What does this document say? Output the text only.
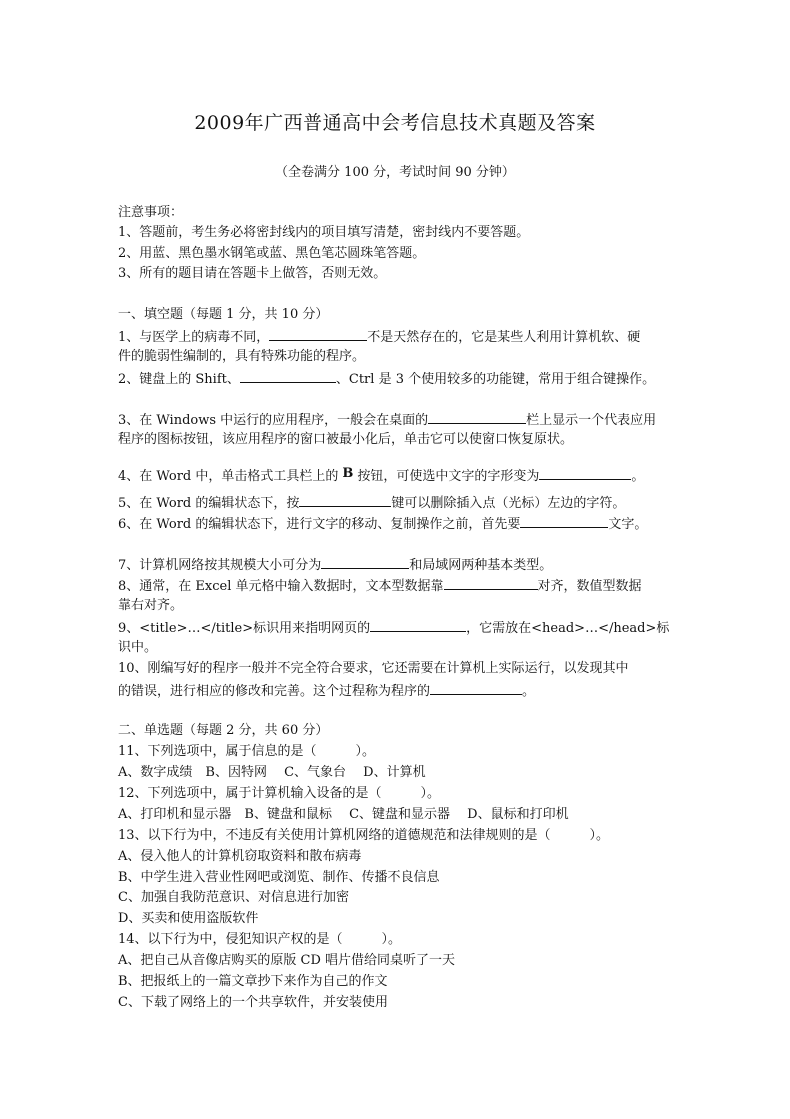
2009年广西普通高中会考信息技术真题及答案
（全卷满分 100 分，考试时间 90 分钟）
注意事项：
1、答题前，考生务必将密封线内的项目填写清楚，密封线内不要答题。
2、用蓝、黑色墨水钢笔或蓝、黑色笔芯圆珠笔答题。
3、所有的题目请在答题卡上做答，否则无效。
一、填空题（每题 1 分，共 10 分）
1、与医学上的病毒不同，	不是天然存在的，它是某些人利用计算机软、硬
件的脆弱性编制的，具有特殊功能的程序。
2、键盘上的 Shift、	、Ctrl 是 3 个使用较多的功能键，常用于组合键操作。
3、在 Windows 中运行的应用程序，一般会在桌面的	栏上显示一个代表应用
程序的图标按钮，该应用程序的窗口被最小化后，单击它可以使窗口恢复原状。
4、在 Word 中，单击格式工具栏上的 B 按钮，可使选中文字的字形变为	。
5、在 Word 的编辑状态下，按	键可以删除插入点（光标）左边的字符。
6、在 Word 的编辑状态下，进行文字的移动、复制操作之前，首先要	文字。
7、计算机网络按其规模大小可分为	和局域网两种基本类型。
8、通常，在 Excel 单元格中输入数据时，文本型数据靠	对齐，数值型数据
靠右对齐。
9、<title>…</title>标识用来指明网页的	，它需放在<head>…</head>标
识中。
10、刚编写好的程序一般并不完全符合要求，它还需要在计算机上实际运行，以发现其中
的错误，进行相应的修改和完善。这个过程称为程序的	。
二、单选题（每题 2 分，共 60 分）
11、下列选项中，属于信息的是（　　　）。
A、数字成绩　B、因特网　 C、气象台　 D、计算机
12、下列选项中，属于计算机输入设备的是（　　　）。
A、打印机和显示器　B、键盘和鼠标　 C、键盘和显示器　 D、鼠标和打印机
13、以下行为中，不违反有关使用计算机网络的道德规范和法律规则的是（　　　）。
A、侵入他人的计算机窃取资料和散布病毒
B、中学生进入营业性网吧或浏览、制作、传播不良信息
C、加强自我防范意识、对信息进行加密
D、买卖和使用盗版软件
14、以下行为中，侵犯知识产权的是（　　　）。
A、把自己从音像店购买的原版 CD 唱片借给同桌听了一天
B、把报纸上的一篇文章抄下来作为自己的作文
C、下载了网络上的一个共享软件，并安装使用
